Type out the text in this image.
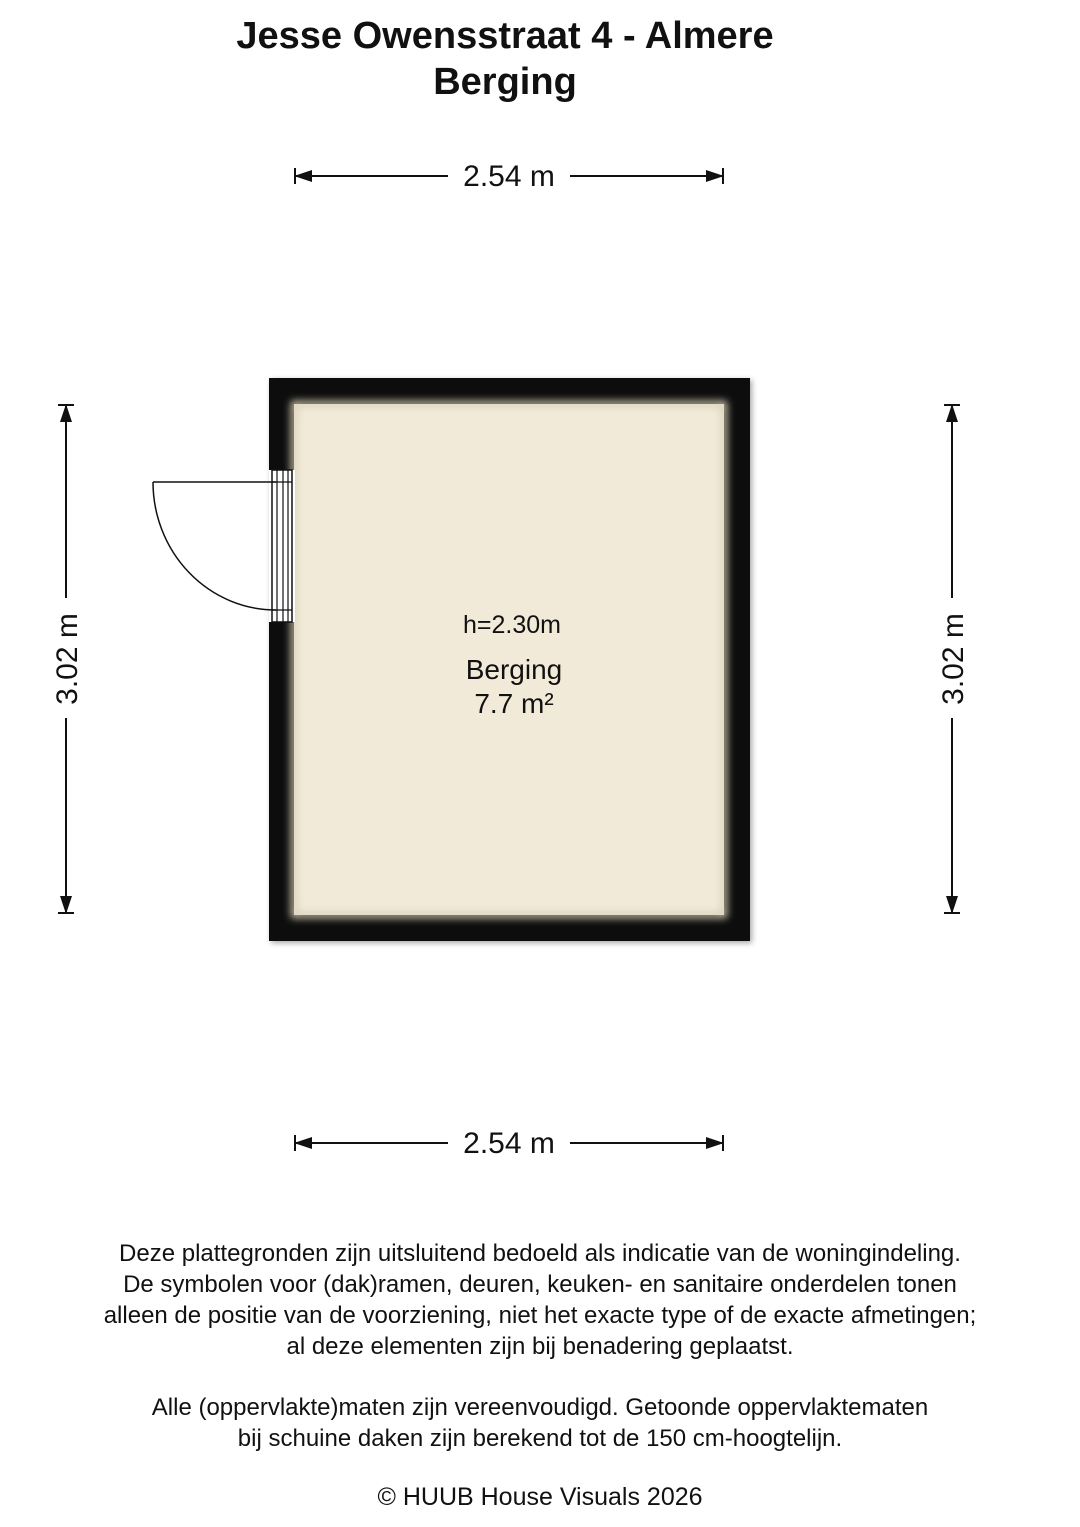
Jesse Owensstraat 4 - Almere
Berging
2.54 m
2.54 m
3.02 m	3.02 m
h=2.30m
Berging
7.7 m²
Deze plattegronden zijn uitsluitend bedoeld als indicatie van de woningindeling.
De symbolen voor (dak)ramen, deuren, keuken- en sanitaire onderdelen tonen
alleen de positie van de voorziening, niet het exacte type of de exacte afmetingen;
al deze elementen zijn bij benadering geplaatst.
Alle (oppervlakte)maten zijn vereenvoudigd. Getoonde oppervlaktematen
bij schuine daken zijn berekend tot de 150 cm-hoogtelijn.
© HUUB House Visuals 2026
